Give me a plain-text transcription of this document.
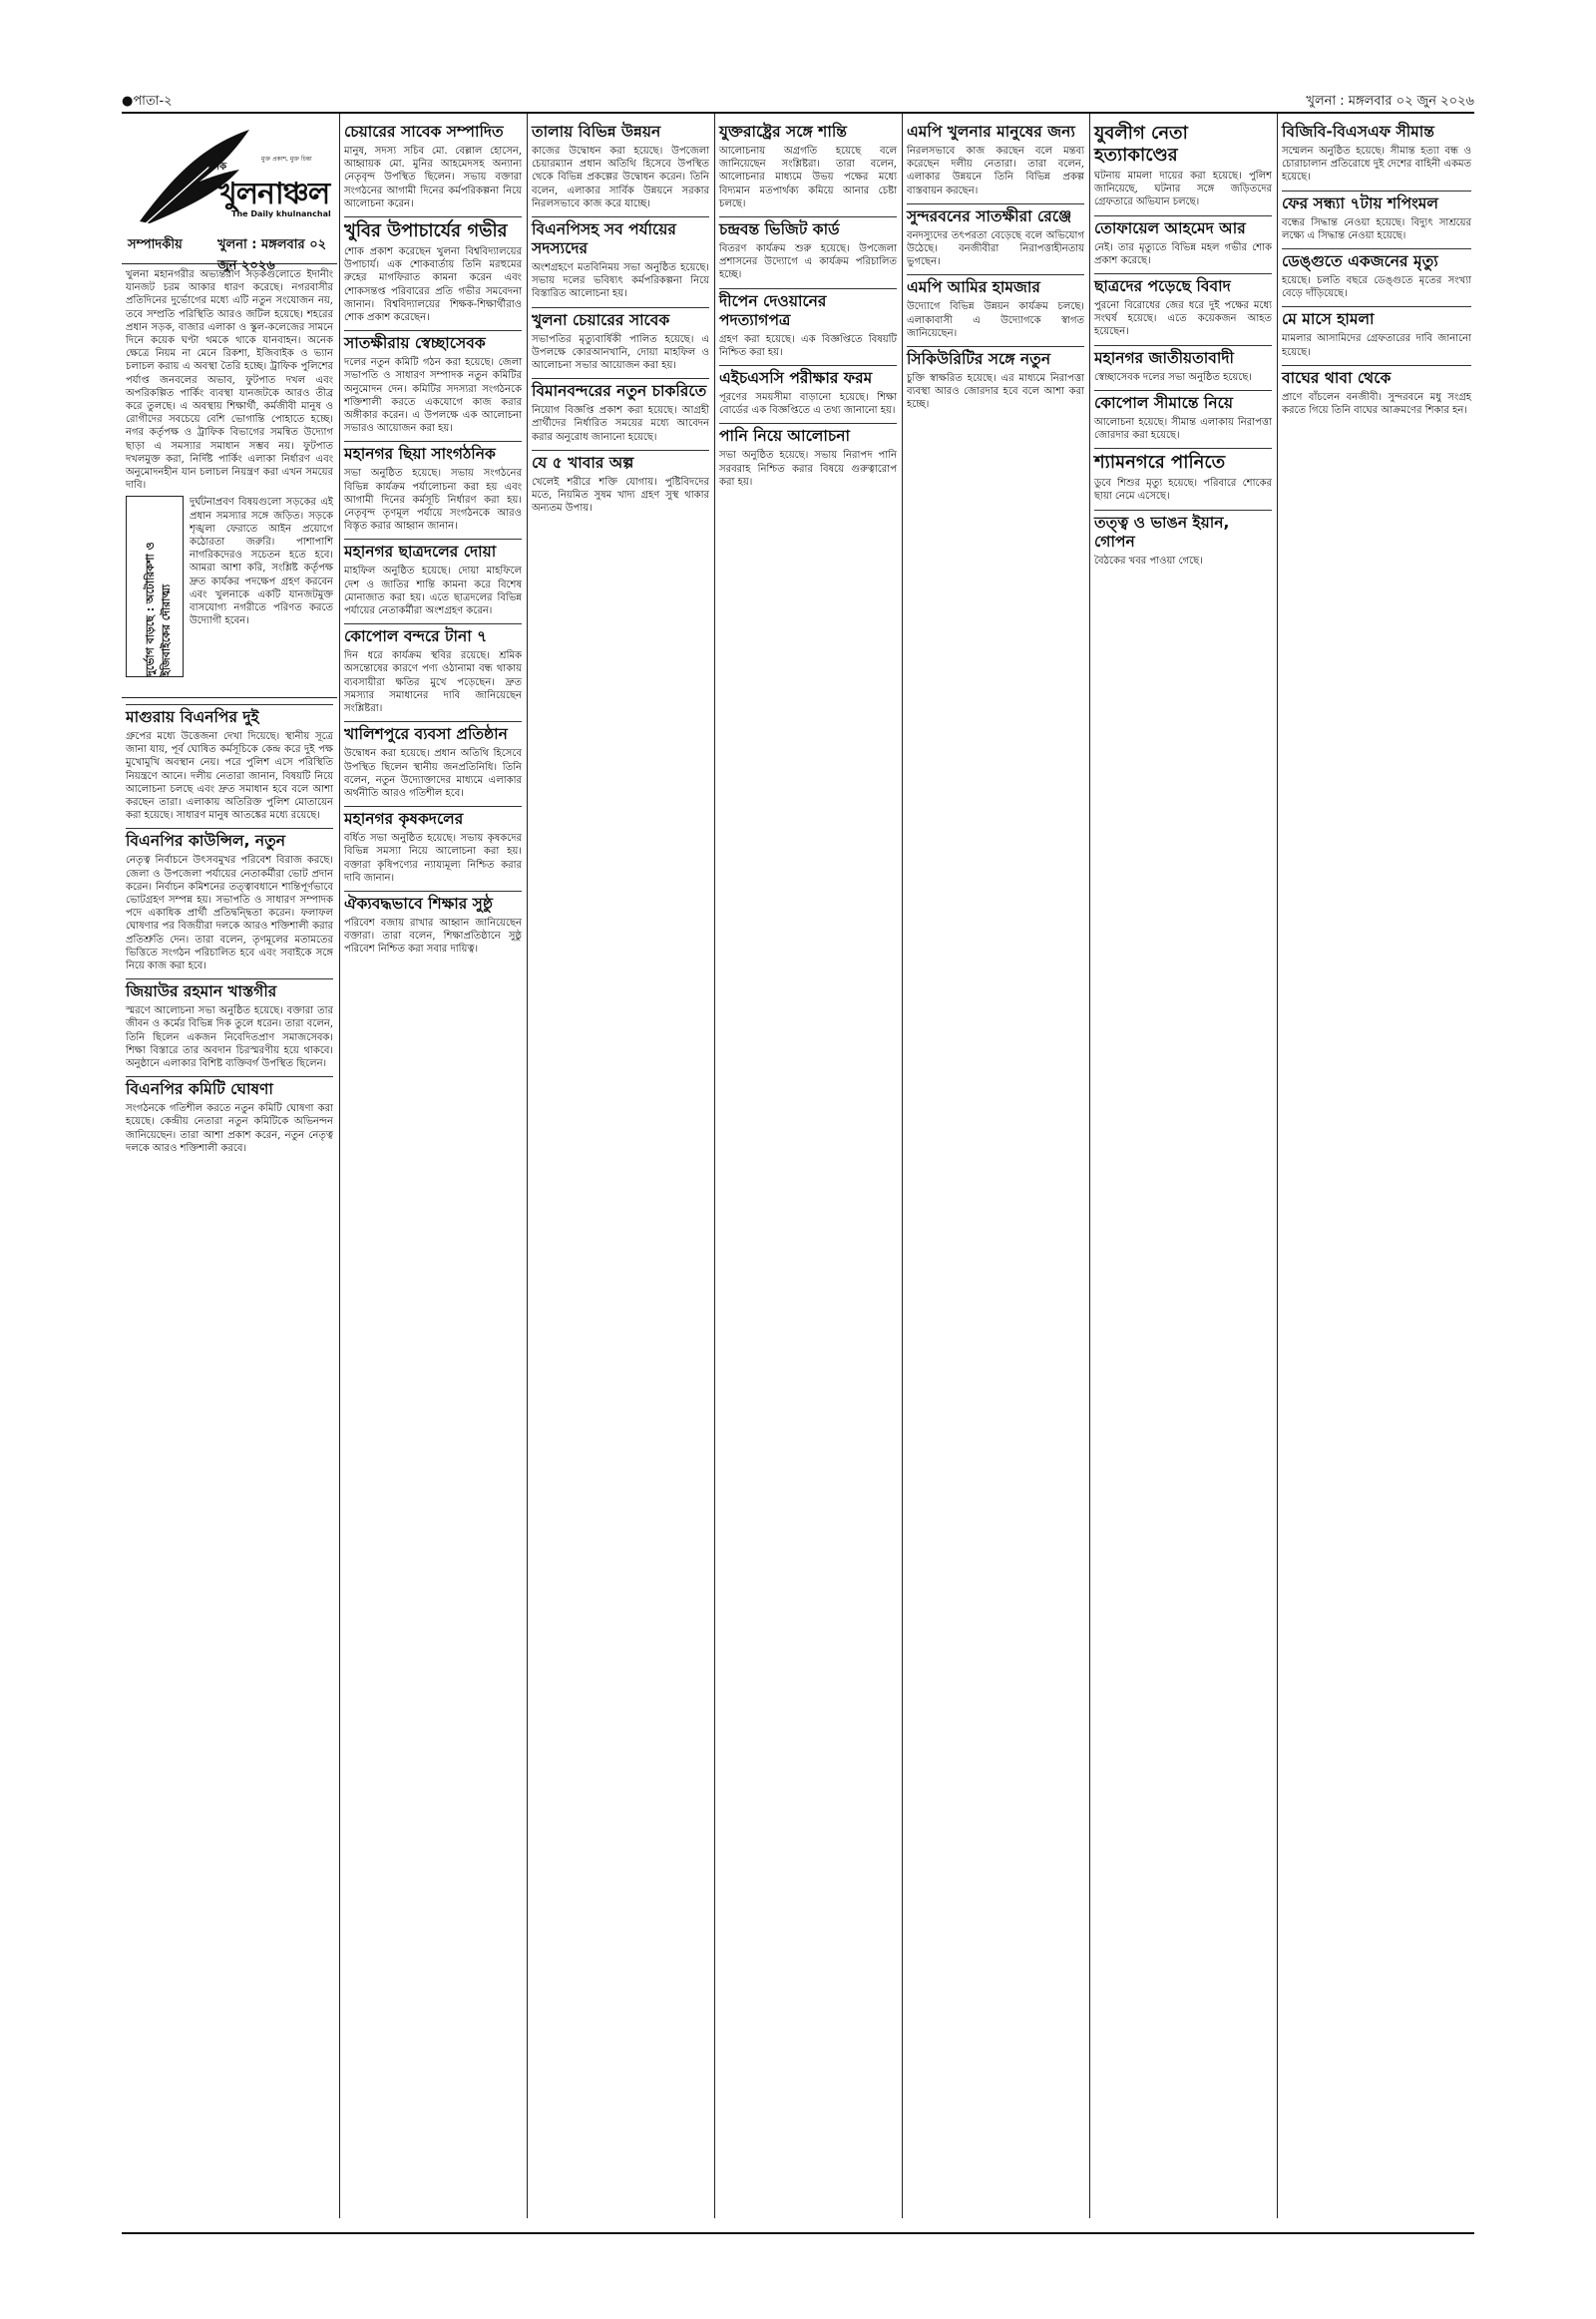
●পাতা-২	খুলনা : মঙ্গলবার ০২ জুন ২০২৬
দৈনিক
খুলনাঞ্চল
মুক্ত প্রকাশ, মুক্ত চিন্তা
The Daily khulnanchal
সম্পাদকীয়	খুলনা : মঙ্গলবার ০২ জুন ২০২৬
খুলনা মহানগরীর অভ্যন্তরীণ সড়কগুলোতে ইদানীং যানজট চরম আকার ধারণ করেছে। নগরবাসীর প্রতিদিনের দুর্ভোগের মধ্যে এটি নতুন সংযোজন নয়, তবে সম্প্রতি পরিস্থিতি আরও জটিল হয়েছে। শহরের প্রধান সড়ক, বাজার এলাকা ও স্কুল-কলেজের সামনে দিনে কয়েক ঘণ্টা থমকে থাকে যানবাহন। অনেক ক্ষেত্রে নিয়ম না মেনে রিকশা, ইজিবাইক ও ভ্যান চলাচল করায় এ অবস্থা তৈরি হচ্ছে। ট্রাফিক পুলিশের পর্যাপ্ত জনবলের অভাব, ফুটপাত দখল এবং অপরিকল্পিত পার্কিং ব্যবস্থা যানজটকে আরও তীব্র করে তুলছে। এ অবস্থায় শিক্ষার্থী, কর্মজীবী মানুষ ও রোগীদের সবচেয়ে বেশি ভোগান্তি পোহাতে হচ্ছে। নগর কর্তৃপক্ষ ও ট্রাফিক বিভাগের সমন্বিত উদ্যোগ ছাড়া এ সমস্যার সমাধান সম্ভব নয়। ফুটপাত দখলমুক্ত করা, নির্দিষ্ট পার্কিং এলাকা নির্ধারণ এবং অনুমোদনহীন যান চলাচল নিয়ন্ত্রণ করা এখন সময়ের দাবি।
দুর্ভোগ বাড়ছে : অটোরিকশা ও ইজিবাইকের দৌরাত্ম্য
দুর্ঘটনাপ্রবণ বিষয়গুলো সড়কের এই প্রধান সমস্যার সঙ্গে জড়িত। সড়কে শৃঙ্খলা ফেরাতে আইন প্রয়োগে কঠোরতা জরুরি। পাশাপাশি নাগরিকদেরও সচেতন হতে হবে। আমরা আশা করি, সংশ্লিষ্ট কর্তৃপক্ষ দ্রুত কার্যকর পদক্ষেপ গ্রহণ করবেন এবং খুলনাকে একটি যানজটমুক্ত বাসযোগ্য নগরীতে পরিণত করতে উদ্যোগী হবেন।
মাগুরায় বিএনপির দুই
গ্রুপের মধ্যে উত্তেজনা দেখা দিয়েছে। স্থানীয় সূত্রে জানা যায়, পূর্ব ঘোষিত কর্মসূচিকে কেন্দ্র করে দুই পক্ষ মুখোমুখি অবস্থান নেয়। পরে পুলিশ এসে পরিস্থিতি নিয়ন্ত্রণে আনে। দলীয় নেতারা জানান, বিষয়টি নিয়ে আলোচনা চলছে এবং দ্রুত সমাধান হবে বলে আশা করছেন তারা। এলাকায় অতিরিক্ত পুলিশ মোতায়েন করা হয়েছে। সাধারণ মানুষ আতঙ্কের মধ্যে রয়েছে।
বিএনপির কাউন্সিল, নতুন
নেতৃত্ব নির্বাচনে উৎসবমুখর পরিবেশ বিরাজ করছে। জেলা ও উপজেলা পর্যায়ের নেতাকর্মীরা ভোট প্রদান করেন। নির্বাচন কমিশনের তত্ত্বাবধানে শান্তিপূর্ণভাবে ভোটগ্রহণ সম্পন্ন হয়। সভাপতি ও সাধারণ সম্পাদক পদে একাধিক প্রার্থী প্রতিদ্বন্দ্বিতা করেন। ফলাফল ঘোষণার পর বিজয়ীরা দলকে আরও শক্তিশালী করার প্রতিশ্রুতি দেন। তারা বলেন, তৃণমূলের মতামতের ভিত্তিতে সংগঠন পরিচালিত হবে এবং সবাইকে সঙ্গে নিয়ে কাজ করা হবে।
জিয়াউর রহমান খাস্তগীর
স্মরণে আলোচনা সভা অনুষ্ঠিত হয়েছে। বক্তারা তার জীবন ও কর্মের বিভিন্ন দিক তুলে ধরেন। তারা বলেন, তিনি ছিলেন একজন নিবেদিতপ্রাণ সমাজসেবক। শিক্ষা বিস্তারে তার অবদান চিরস্মরণীয় হয়ে থাকবে। অনুষ্ঠানে এলাকার বিশিষ্ট ব্যক্তিবর্গ উপস্থিত ছিলেন।
বিএনপির কমিটি ঘোষণা
সংগঠনকে গতিশীল করতে নতুন কমিটি ঘোষণা করা হয়েছে। কেন্দ্রীয় নেতারা নতুন কমিটিকে অভিনন্দন জানিয়েছেন। তারা আশা প্রকাশ করেন, নতুন নেতৃত্ব দলকে আরও শক্তিশালী করবে।
চেয়ারের সাবেক সম্পাদিত
মানুষ, সদস্য সচিব মো. বেল্লাল হোসেন, আহ্বায়ক মো. মুনির আহমেদসহ অন্যান্য নেতৃবৃন্দ উপস্থিত ছিলেন। সভায় বক্তারা সংগঠনের আগামী দিনের কর্মপরিকল্পনা নিয়ে আলোচনা করেন।
খুবির উপাচার্যের গভীর
শোক প্রকাশ করেছেন খুলনা বিশ্ববিদ্যালয়ের উপাচার্য। এক শোকবার্তায় তিনি মরহুমের রুহের মাগফিরাত কামনা করেন এবং শোকসন্তপ্ত পরিবারের প্রতি গভীর সমবেদনা জানান। বিশ্ববিদ্যালয়ের শিক্ষক-শিক্ষার্থীরাও শোক প্রকাশ করেছেন।
সাতক্ষীরায় স্বেচ্ছাসেবক
দলের নতুন কমিটি গঠন করা হয়েছে। জেলা সভাপতি ও সাধারণ সম্পাদক নতুন কমিটির অনুমোদন দেন। কমিটির সদস্যরা সংগঠনকে শক্তিশালী করতে একযোগে কাজ করার অঙ্গীকার করেন। এ উপলক্ষে এক আলোচনা সভারও আয়োজন করা হয়।
মহানগর ছিয়া সাংগঠনিক
সভা অনুষ্ঠিত হয়েছে। সভায় সংগঠনের বিভিন্ন কার্যক্রম পর্যালোচনা করা হয় এবং আগামী দিনের কর্মসূচি নির্ধারণ করা হয়। নেতৃবৃন্দ তৃণমূল পর্যায়ে সংগঠনকে আরও বিস্তৃত করার আহ্বান জানান।
মহানগর ছাত্রদলের দোয়া
মাহফিল অনুষ্ঠিত হয়েছে। দোয়া মাহফিলে দেশ ও জাতির শান্তি কামনা করে বিশেষ মোনাজাত করা হয়। এতে ছাত্রদলের বিভিন্ন পর্যায়ের নেতাকর্মীরা অংশগ্রহণ করেন।
কোপোল বন্দরে টানা ৭
দিন ধরে কার্যক্রম স্থবির রয়েছে। শ্রমিক অসন্তোষের কারণে পণ্য ওঠানামা বন্ধ থাকায় ব্যবসায়ীরা ক্ষতির মুখে পড়েছেন। দ্রুত সমস্যার সমাধানের দাবি জানিয়েছেন সংশ্লিষ্টরা।
খালিশপুরে ব্যবসা প্রতিষ্ঠান
উদ্বোধন করা হয়েছে। প্রধান অতিথি হিসেবে উপস্থিত ছিলেন স্থানীয় জনপ্রতিনিধি। তিনি বলেন, নতুন উদ্যোক্তাদের মাধ্যমে এলাকার অর্থনীতি আরও গতিশীল হবে।
মহানগর কৃষকদলের
বর্ধিত সভা অনুষ্ঠিত হয়েছে। সভায় কৃষকদের বিভিন্ন সমস্যা নিয়ে আলোচনা করা হয়। বক্তারা কৃষিপণ্যের ন্যায্যমূল্য নিশ্চিত করার দাবি জানান।
ঐক্যবদ্ধভাবে শিক্ষার সুষ্ঠু
পরিবেশ বজায় রাখার আহ্বান জানিয়েছেন বক্তারা। তারা বলেন, শিক্ষাপ্রতিষ্ঠানে সুষ্ঠু পরিবেশ নিশ্চিত করা সবার দায়িত্ব।
তালায় বিভিন্ন উন্নয়ন
কাজের উদ্বোধন করা হয়েছে। উপজেলা চেয়ারম্যান প্রধান অতিথি হিসেবে উপস্থিত থেকে বিভিন্ন প্রকল্পের উদ্বোধন করেন। তিনি বলেন, এলাকার সার্বিক উন্নয়নে সরকার নিরলসভাবে কাজ করে যাচ্ছে।
বিএনপিসহ সব পর্যায়ের সদস্যদের
অংশগ্রহণে মতবিনিময় সভা অনুষ্ঠিত হয়েছে। সভায় দলের ভবিষ্যৎ কর্মপরিকল্পনা নিয়ে বিস্তারিত আলোচনা হয়।
খুলনা চেয়ারের সাবেক
সভাপতির মৃত্যুবার্ষিকী পালিত হয়েছে। এ উপলক্ষে কোরআনখানি, দোয়া মাহফিল ও আলোচনা সভার আয়োজন করা হয়।
বিমানবন্দরের নতুন চাকরিতে
নিয়োগ বিজ্ঞপ্তি প্রকাশ করা হয়েছে। আগ্রহী প্রার্থীদের নির্ধারিত সময়ের মধ্যে আবেদন করার অনুরোধ জানানো হয়েছে।
যে ৫ খাবার অল্প
খেলেই শরীরে শক্তি যোগায়। পুষ্টিবিদদের মতে, নিয়মিত সুষম খাদ্য গ্রহণ সুস্থ থাকার অন্যতম উপায়।
যুক্তরাষ্ট্রের সঙ্গে শান্তি
আলোচনায় অগ্রগতি হয়েছে বলে জানিয়েছেন সংশ্লিষ্টরা। তারা বলেন, আলোচনার মাধ্যমে উভয় পক্ষের মধ্যে বিদ্যমান মতপার্থক্য কমিয়ে আনার চেষ্টা চলছে।
চন্দ্রবন্ত ভিজিট কার্ড
বিতরণ কার্যক্রম শুরু হয়েছে। উপজেলা প্রশাসনের উদ্যোগে এ কার্যক্রম পরিচালিত হচ্ছে।
দীপেন দেওয়ানের পদত্যাগপত্র
গ্রহণ করা হয়েছে। এক বিজ্ঞপ্তিতে বিষয়টি নিশ্চিত করা হয়।
এইচএসসি পরীক্ষার ফরম
পূরণের সময়সীমা বাড়ানো হয়েছে। শিক্ষা বোর্ডের এক বিজ্ঞপ্তিতে এ তথ্য জানানো হয়।
পানি নিয়ে আলোচনা
সভা অনুষ্ঠিত হয়েছে। সভায় নিরাপদ পানি সরবরাহ নিশ্চিত করার বিষয়ে গুরুত্বারোপ করা হয়।
এমপি খুলনার মানুষের জন্য
নিরলসভাবে কাজ করছেন বলে মন্তব্য করেছেন দলীয় নেতারা। তারা বলেন, এলাকার উন্নয়নে তিনি বিভিন্ন প্রকল্প বাস্তবায়ন করছেন।
সুন্দরবনের সাতক্ষীরা রেঞ্জে
বনদস্যুদের তৎপরতা বেড়েছে বলে অভিযোগ উঠেছে। বনজীবীরা নিরাপত্তাহীনতায় ভুগছেন।
এমপি আমির হামজার
উদ্যোগে বিভিন্ন উন্নয়ন কার্যক্রম চলছে। এলাকাবাসী এ উদ্যোগকে স্বাগত জানিয়েছেন।
সিকিউরিটির সঙ্গে নতুন
চুক্তি স্বাক্ষরিত হয়েছে। এর মাধ্যমে নিরাপত্তা ব্যবস্থা আরও জোরদার হবে বলে আশা করা হচ্ছে।
যুবলীগ নেতা হত্যাকাণ্ডের
ঘটনায় মামলা দায়ের করা হয়েছে। পুলিশ জানিয়েছে, ঘটনার সঙ্গে জড়িতদের গ্রেফতারে অভিযান চলছে।
তোফায়েল আহমেদ আর
নেই। তার মৃত্যুতে বিভিন্ন মহল গভীর শোক প্রকাশ করেছে।
ছাত্রদের পড়েছে বিবাদ
পুরনো বিরোধের জের ধরে দুই পক্ষের মধ্যে সংঘর্ষ হয়েছে। এতে কয়েকজন আহত হয়েছেন।
মহানগর জাতীয়তাবাদী
স্বেচ্ছাসেবক দলের সভা অনুষ্ঠিত হয়েছে।
কোপোল সীমান্তে নিয়ে
আলোচনা হয়েছে। সীমান্ত এলাকায় নিরাপত্তা জোরদার করা হয়েছে।
শ্যামনগরে পানিতে
ডুবে শিশুর মৃত্যু হয়েছে। পরিবারে শোকের ছায়া নেমে এসেছে।
তত্ত্ব ও ভাঙন ইয়ান, গোপন
বৈঠকের খবর পাওয়া গেছে।
বিজিবি-বিএসএফ সীমান্ত
সম্মেলন অনুষ্ঠিত হয়েছে। সীমান্ত হত্যা বন্ধ ও চোরাচালান প্রতিরোধে দুই দেশের বাহিনী একমত হয়েছে।
ফের সন্ধ্যা ৭টায় শপিংমল
বন্ধের সিদ্ধান্ত নেওয়া হয়েছে। বিদ্যুৎ সাশ্রয়ের লক্ষ্যে এ সিদ্ধান্ত নেওয়া হয়েছে।
ডেঙ্গুতে একজনের মৃত্যু
হয়েছে। চলতি বছরে ডেঙ্গুতে মৃতের সংখ্যা বেড়ে দাঁড়িয়েছে।
মে মাসে হামলা
মামলার আসামিদের গ্রেফতারের দাবি জানানো হয়েছে।
বাঘের থাবা থেকে
প্রাণে বাঁচলেন বনজীবী। সুন্দরবনে মধু সংগ্রহ করতে গিয়ে তিনি বাঘের আক্রমণের শিকার হন।
